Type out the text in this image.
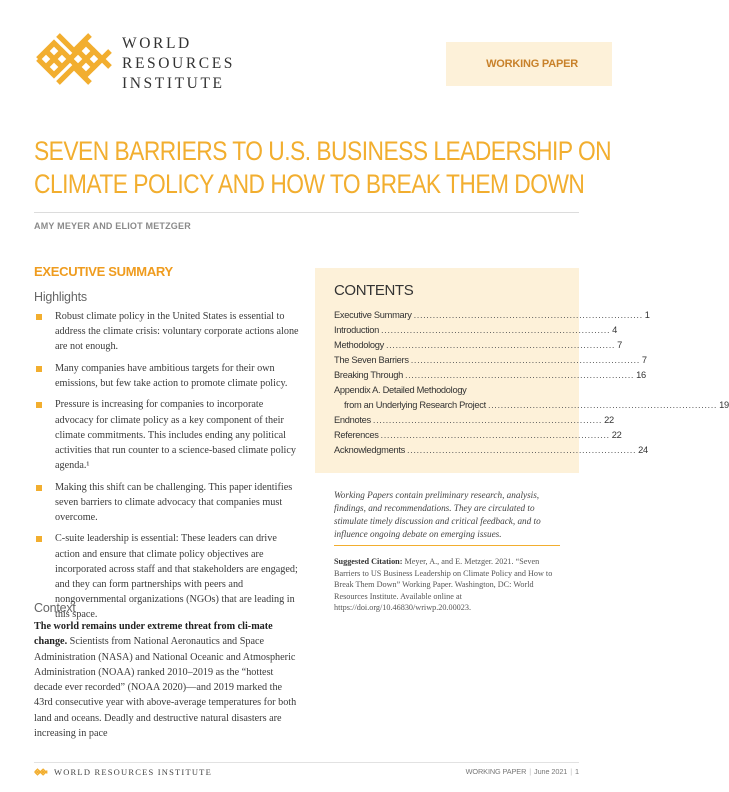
WORLD
RESOURCES
INSTITUTE
WORKING PAPER
SEVEN BARRIERS TO U.S. BUSINESS LEADERSHIP ON
CLIMATE POLICY AND HOW TO BREAK THEM DOWN
AMY MEYER AND ELIOT METZGER
EXECUTIVE SUMMARY
Highlights
Robust climate policy in the United States is essential to address the climate crisis: voluntary corporate actions alone are not enough.
Many companies have ambitious targets for their own emissions, but few take action to promote climate policy.
Pressure is increasing for companies to incorporate advocacy for climate policy as a key component of their climate commitments. This includes ending any political activities that run counter to a science-based climate policy agenda.¹
Making this shift can be challenging. This paper identifies seven barriers to climate advocacy that companies must overcome.
C-suite leadership is essential: These leaders can drive action and ensure that climate policy objectives are incorporated across staff and that stakeholders are engaged; and they can form partnerships with peers and nongovernmental organizations (NGOs) that are leading in this space.
Context
The world remains under extreme threat from cli-mate change. Scientists from National Aeronautics and Space Administration (NASA) and National Oceanic and Atmospheric Administration (NOAA) ranked 2010–2019 as the “hottest decade ever recorded” (NOAA 2020)—and 2019 marked the 43rd consecutive year with above-average temperatures for both land and oceans. Deadly and destructive natural disasters are increasing in pace
CONTENTS
Executive Summary ........................................................................ 1
Introduction ........................................................................ 4
Methodology ........................................................................ 7
The Seven Barriers ........................................................................ 7
Breaking Through ........................................................................ 16
Appendix A. Detailed Methodology
from an Underlying Research Project ........................................................................ 19
Endnotes ........................................................................ 22
References ........................................................................ 22
Acknowledgments ........................................................................ 24
Working Papers contain preliminary research, analysis, findings, and recommendations. They are circulated to stimulate timely discussion and critical feedback, and to influence ongoing debate on emerging issues.
Suggested Citation: Meyer, A., and E. Metzger. 2021. “Seven Barriers to US Business Leadership on Climate Policy and How to Break Them Down” Working Paper. Washington, DC: World Resources Institute. Available online at https://doi.org/10.46830/wriwp.20.00023.
WORLD RESOURCES INSTITUTE	WORKING PAPER | June 2021 | 1
